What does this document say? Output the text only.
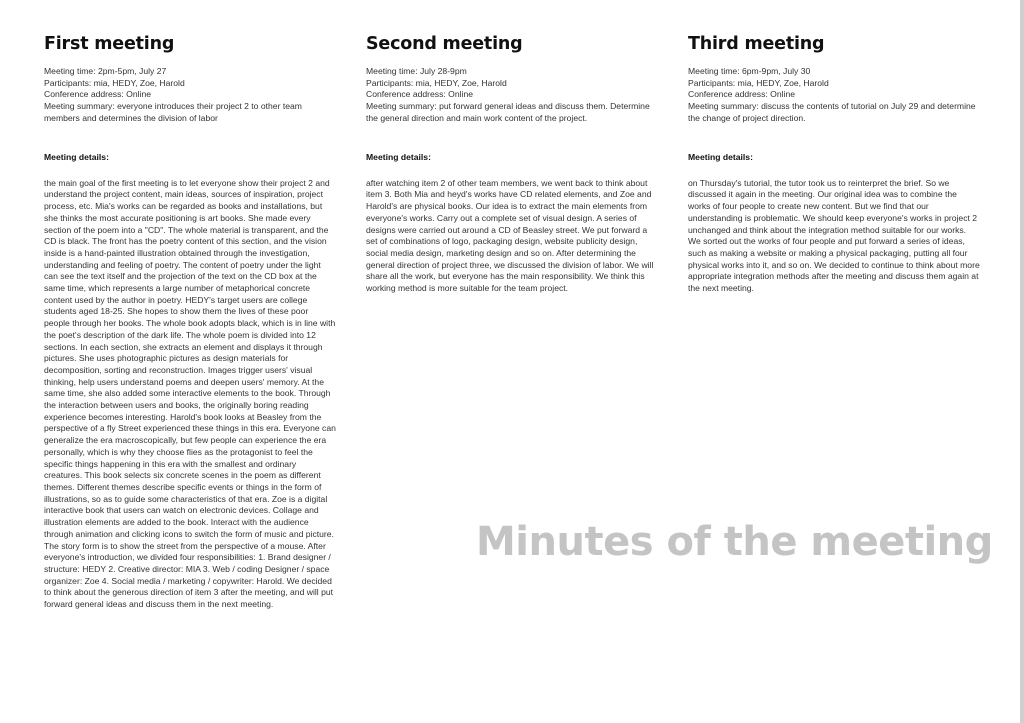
First meeting
Meeting time: 2pm-5pm, July 27
Participants: mia, HEDY, Zoe, Harold
Conference address: Online
Meeting summary: everyone introduces their project 2 to other team members and determines the division of labor
Meeting details:
the main goal of the first meeting is to let everyone show their project 2 and understand the project content, main ideas, sources of inspiration, project process, etc. Mia's works can be regarded as books and installations, but she thinks the most accurate positioning is art books. She made every section of the poem into a "CD". The whole material is transparent, and the CD is black. The front has the poetry content of this section, and the vision inside is a hand-painted illustration obtained through the investigation, understanding and feeling of poetry. The content of poetry under the light can see the text itself and the projection of the text on the CD box at the same time, which represents a large number of metaphorical concrete content used by the author in poetry. HEDY's target users are college students aged 18-25. She hopes to show them the lives of these poor people through her books. The whole book adopts black, which is in line with the poet's description of the dark life. The whole poem is divided into 12 sections. In each section, she extracts an element and displays it through pictures. She uses photographic pictures as design materials for decomposition, sorting and reconstruction. Images trigger users' visual thinking, help users understand poems and deepen users' memory. At the same time, she also added some interactive elements to the book. Through the interaction between users and books, the originally boring reading experience becomes interesting. Harold's book looks at Beasley from the perspective of a fly Street experienced these things in this era. Everyone can generalize the era macroscopically, but few people can experience the era personally, which is why they choose flies as the protagonist to feel the specific things happening in this era with the smallest and ordinary creatures. This book selects six concrete scenes in the poem as different themes. Different themes describe specific events or things in the form of illustrations, so as to guide some characteristics of that era. Zoe is a digital interactive book that users can watch on electronic devices. Collage and illustration elements are added to the book. Interact with the audience through animation and clicking icons to switch the form of music and picture. The story form is to show the street from the perspective of a mouse. After everyone's introduction, we divided four responsibilities: 1. Brand designer / structure: HEDY 2. Creative director: MIA 3. Web / coding Designer / space organizer: Zoe 4. Social media / marketing / copywriter: Harold. We decided to think about the generous direction of item 3 after the meeting, and will put forward general ideas and discuss them in the next meeting.
Second meeting
Meeting time: July 28-9pm
Participants: mia, HEDY, Zoe, Harold
Conference address: Online
Meeting summary: put forward general ideas and discuss them. Determine the general direction and main work content of the project.
Meeting details:
after watching item 2 of other team members, we went back to think about item 3. Both Mia and heyd's works have CD related elements, and Zoe and Harold's are physical books. Our idea is to extract the main elements from everyone's works. Carry out a complete set of visual design. A series of designs were carried out around a CD of Beasley street. We put forward a set of combinations of logo, packaging design, website publicity design, social media design, marketing design and so on. After determining the general direction of project three, we discussed the division of labor. We will share all the work, but everyone has the main responsibility. We think this working method is more suitable for the team project.
Third meeting
Meeting time: 6pm-9pm, July 30
Participants: mia, HEDY, Zoe, Harold
Conference address: Online
Meeting summary: discuss the contents of tutorial on July 29 and determine the change of project direction.
Meeting details:
on Thursday's tutorial, the tutor took us to reinterpret the brief. So we discussed it again in the meeting. Our original idea was to combine the works of four people to create new content. But we find that our understanding is problematic. We should keep everyone's works in project 2 unchanged and think about the integration method suitable for our works. We sorted out the works of four people and put forward a series of ideas, such as making a website or making a physical packaging, putting all four physical works into it, and so on. We decided to continue to think about more appropriate integration methods after the meeting and discuss them again at the next meeting.
Minutes of the meeting
